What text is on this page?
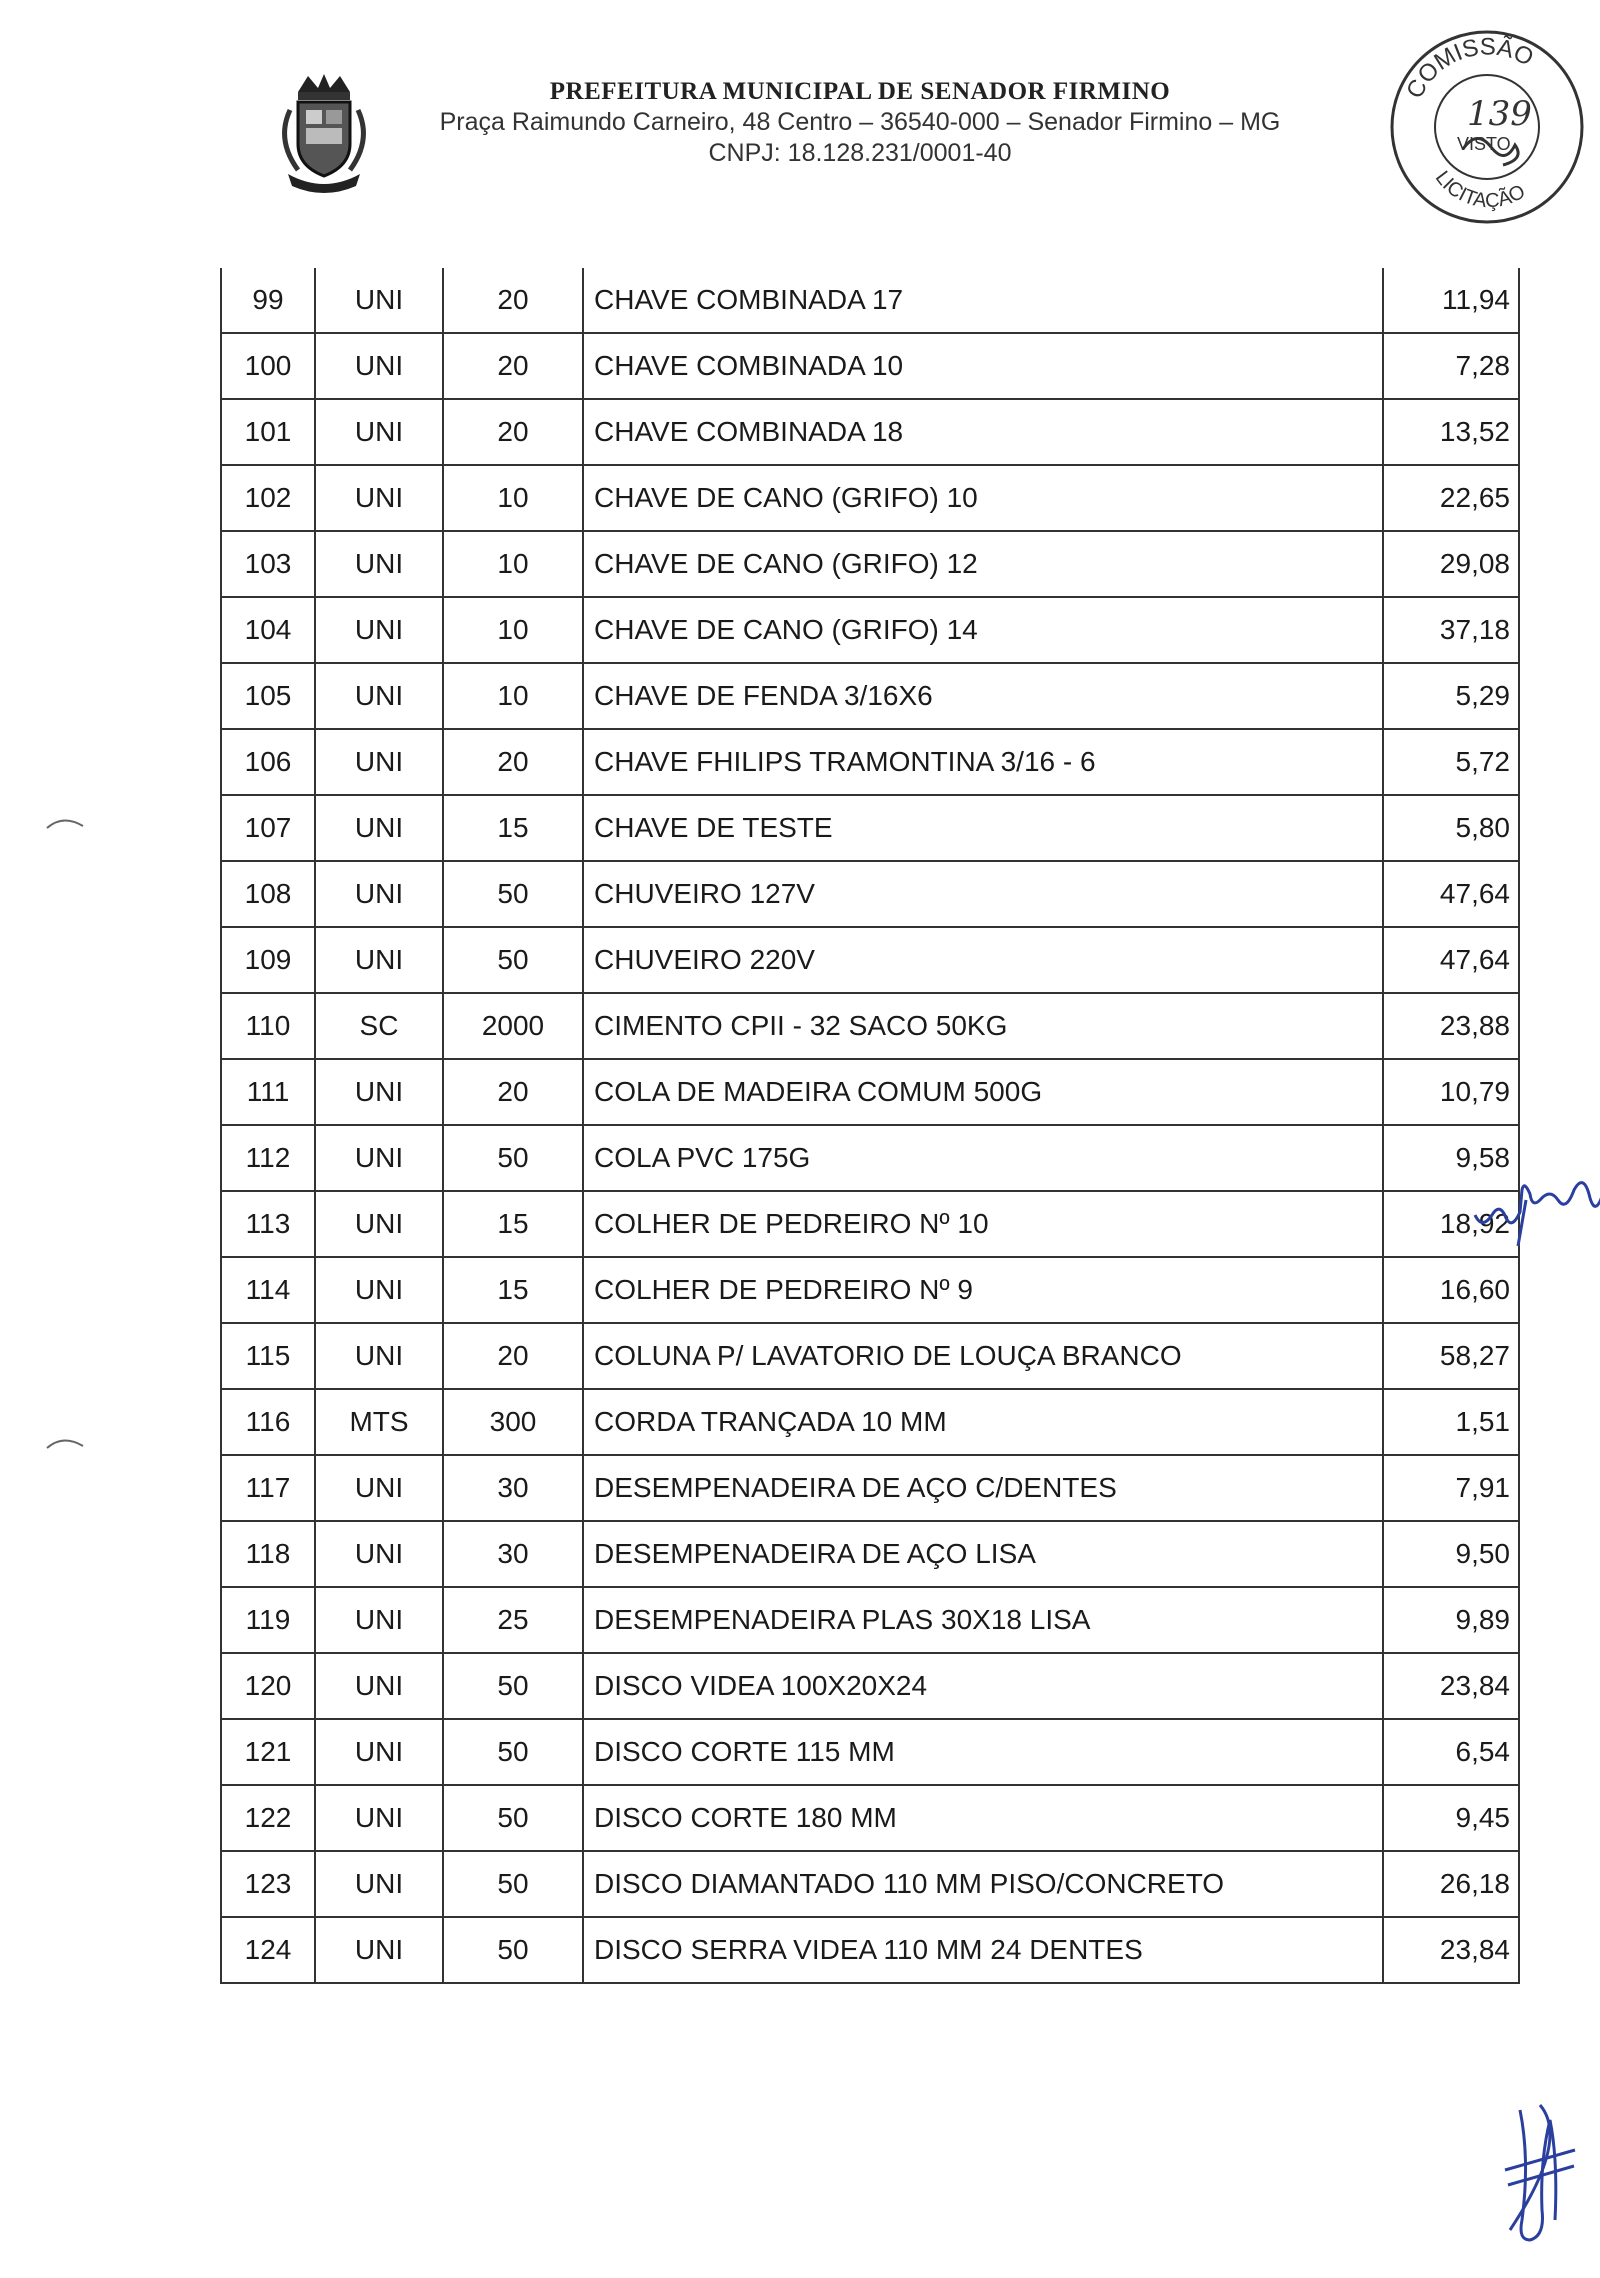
PREFEITURA MUNICIPAL DE SENADOR FIRMINO
Praça Raimundo Carneiro, 48 Centro – 36540-000 – Senador Firmino – MG
CNPJ: 18.128.231/0001-40
COMISSÃO
LICITAÇÃO
VISTO
139
99	UNI	20	CHAVE COMBINADA 17	11,94
100	UNI	20	CHAVE COMBINADA 10	7,28
101	UNI	20	CHAVE COMBINADA 18	13,52
102	UNI	10	CHAVE DE CANO (GRIFO) 10	22,65
103	UNI	10	CHAVE DE CANO (GRIFO) 12	29,08
104	UNI	10	CHAVE DE CANO (GRIFO) 14	37,18
105	UNI	10	CHAVE DE FENDA 3/16X6	5,29
106	UNI	20	CHAVE FHILIPS TRAMONTINA 3/16 - 6	5,72
107	UNI	15	CHAVE DE TESTE	5,80
108	UNI	50	CHUVEIRO 127V	47,64
109	UNI	50	CHUVEIRO 220V	47,64
110	SC	2000	CIMENTO CPII - 32 SACO 50KG	23,88
111	UNI	20	COLA DE MADEIRA COMUM 500G	10,79
112	UNI	50	COLA PVC 175G	9,58
113	UNI	15	COLHER DE PEDREIRO Nº 10	18,92
114	UNI	15	COLHER DE PEDREIRO Nº 9	16,60
115	UNI	20	COLUNA P/ LAVATORIO DE LOUÇA BRANCO	58,27
116	MTS	300	CORDA TRANÇADA 10 MM	1,51
117	UNI	30	DESEMPENADEIRA DE AÇO C/DENTES	7,91
118	UNI	30	DESEMPENADEIRA DE AÇO LISA	9,50
119	UNI	25	DESEMPENADEIRA PLAS 30X18 LISA	9,89
120	UNI	50	DISCO VIDEA 100X20X24	23,84
121	UNI	50	DISCO CORTE 115 MM	6,54
122	UNI	50	DISCO CORTE 180 MM	9,45
123	UNI	50	DISCO DIAMANTADO 110 MM PISO/CONCRETO	26,18
124	UNI	50	DISCO SERRA VIDEA 110 MM 24 DENTES	23,84
